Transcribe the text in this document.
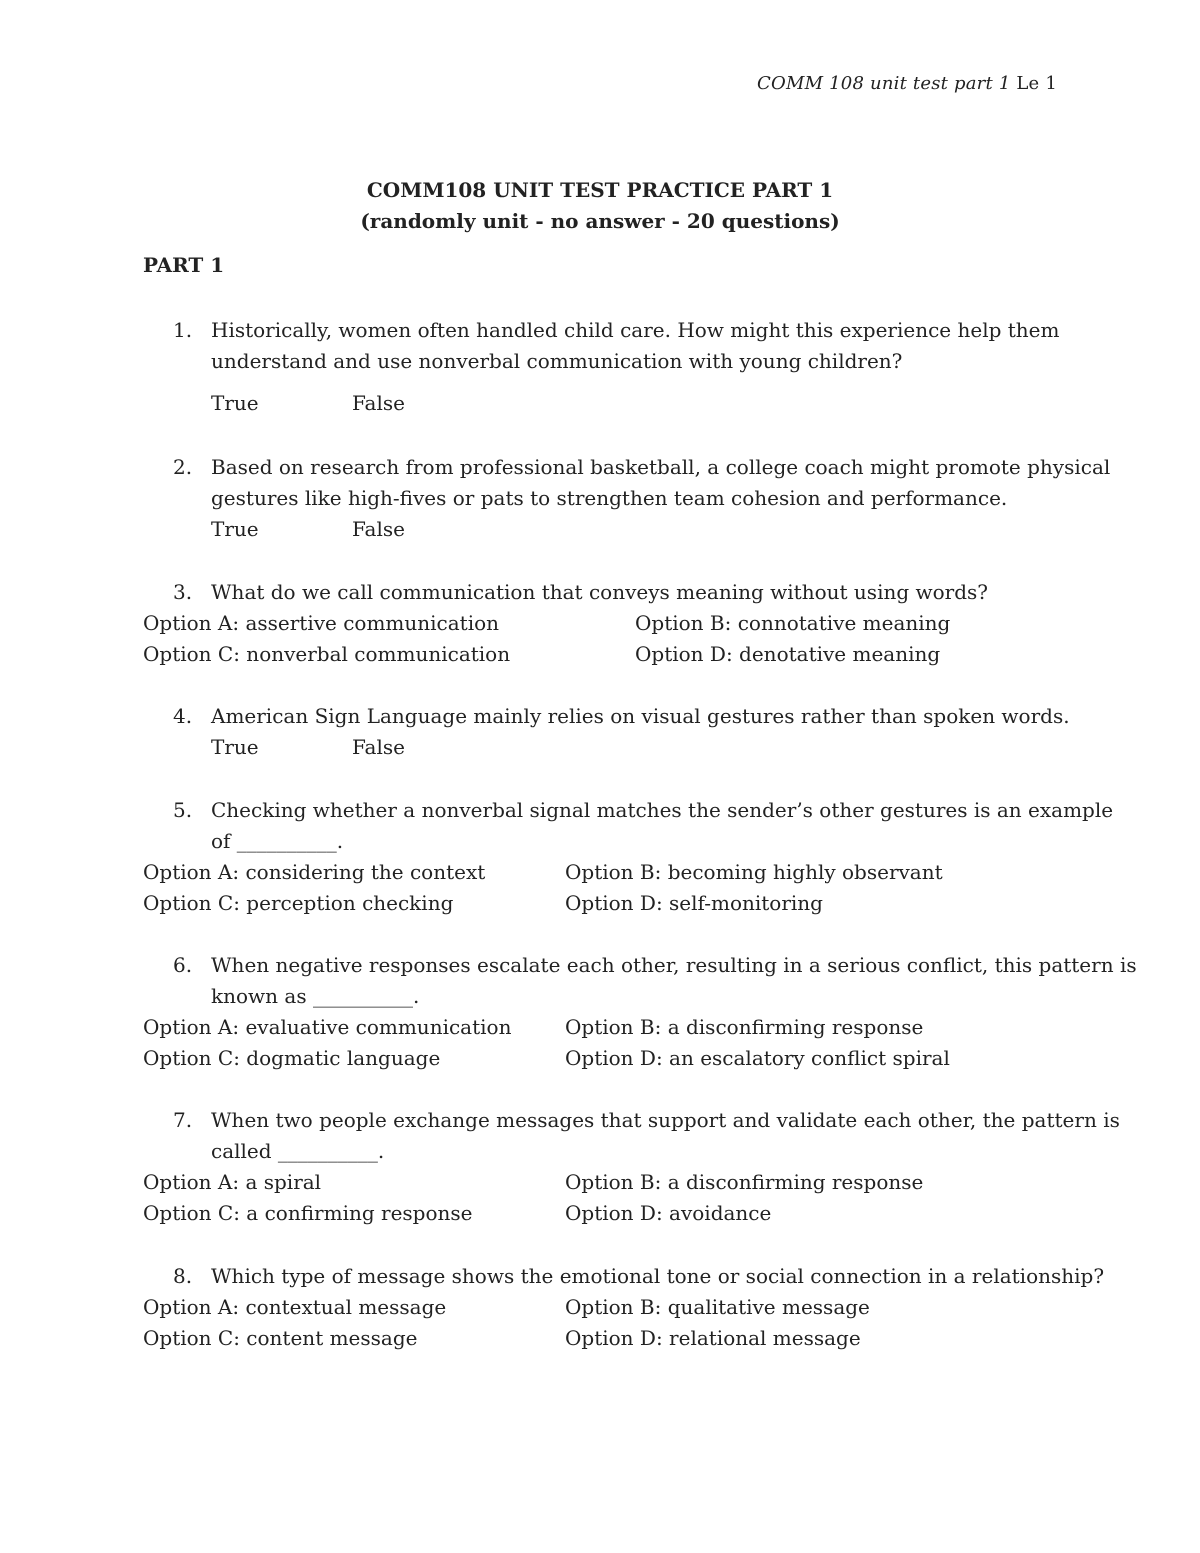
COMM 108 unit test part 1 Le 1
COMM108 UNIT TEST PRACTICE PART 1
(randomly unit - no answer - 20 questions)
PART 1
1. Historically, women often handled child care. How might this experience help them
understand and use nonverbal communication with young children?
True	False
2. Based on research from professional basketball, a college coach might promote physical
gestures like high-fives or pats to strengthen team cohesion and performance.
True	False
3. What do we call communication that conveys meaning without using words?
Option A: assertive communication	Option B: connotative meaning
Option C: nonverbal communication	Option D: denotative meaning
4. American Sign Language mainly relies on visual gestures rather than spoken words.
True	False
5. Checking whether a nonverbal signal matches the sender’s other gestures is an example
of __________.
Option A: considering the context	Option B: becoming highly observant
Option C: perception checking	Option D: self-monitoring
6. When negative responses escalate each other, resulting in a serious conflict, this pattern is
known as __________.
Option A: evaluative communication	Option B: a disconfirming response
Option C: dogmatic language	Option D: an escalatory conflict spiral
7. When two people exchange messages that support and validate each other, the pattern is
called __________.
Option A: a spiral	Option B: a disconfirming response
Option C: a confirming response	Option D: avoidance
8. Which type of message shows the emotional tone or social connection in a relationship?
Option A: contextual message	Option B: qualitative message
Option C: content message	Option D: relational message
